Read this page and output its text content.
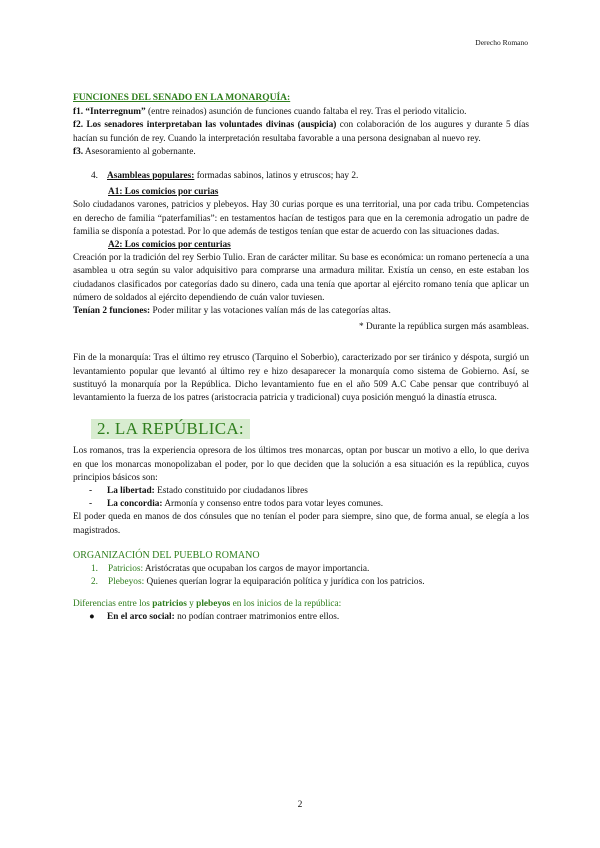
Derecho Romano
FUNCIONES DEL SENADO EN LA MONARQUÍA:

f1. “Interregnum” (entre reinados) asunción de funciones cuando faltaba el rey. Tras el periodo vitalicio.

f2. Los senadores interpretaban las voluntades divinas (auspicia) con colaboración de los augures y durante 5 días hacían su función de rey. Cuando la interpretación resultaba favorable a una persona designaban al nuevo rey.

f3. Asesoramiento al gobernante.

4. Asambleas populares: formadas sabinos, latinos y etruscos; hay 2.

A1: Los comicios por curias

Solo ciudadanos varones, patricios y plebeyos. Hay 30 curias porque es una territorial, una por cada tribu. Competencias en derecho de familia “paterfamilias”: en testamentos hacían de testigos para que en la ceremonia adrogatio un padre de familia se disponía a potestad. Por lo que además de testigos tenían que estar de acuerdo con las situaciones dadas.

A2: Los comicios por centurias

Creación por la tradición del rey Serbio Tulio. Eran de carácter militar. Su base es económica: un romano pertenecía a una asamblea u otra según su valor adquisitivo para comprarse una armadura militar. Existía un censo, en este estaban los ciudadanos clasificados por categorías dado su dinero, cada una tenía que aportar al ejército romano tenía que aplicar un número de soldados al ejército dependiendo de cuán valor tuviesen.

Tenían 2 funciones: Poder militar y las votaciones valían más de las categorías altas.

* Durante la república surgen más asambleas.

Fin de la monarquía: Tras el último rey etrusco (Tarquino el Soberbio), caracterizado por ser tiránico y déspota, surgió un levantamiento popular que levantó al último rey e hizo desaparecer la monarquía como sistema de Gobierno. Así, se sustituyó la monarquía por la República. Dicho levantamiento fue en el año 509 A.C Cabe pensar que contribuyó al levantamiento la fuerza de los patres (aristocracia patricia y tradicional) cuya posición menguó la dinastía etrusca.

2. LA REPÚBLICA:

Los romanos, tras la experiencia opresora de los últimos tres monarcas, optan por buscar un motivo a ello, lo que deriva en que los monarcas monopolizaban el poder, por lo que deciden que la solución a esa situación es la república, cuyos principios básicos son:

- La libertad: Estado constituido por ciudadanos libres

- La concordia: Armonía y consenso entre todos para votar leyes comunes.

El poder queda en manos de dos cónsules que no tenían el poder para siempre, sino que, de forma anual, se elegía a los magistrados.

ORGANIZACIÓN DEL PUEBLO ROMANO

1. Patricios: Aristócratas que ocupaban los cargos de mayor importancia.

2. Plebeyos: Quienes querían lograr la equiparación política y jurídica con los patricios.

Diferencias entre los patricios y plebeyos en los inicios de la república:

● En el arco social: no podían contraer matrimonios entre ellos.

2
